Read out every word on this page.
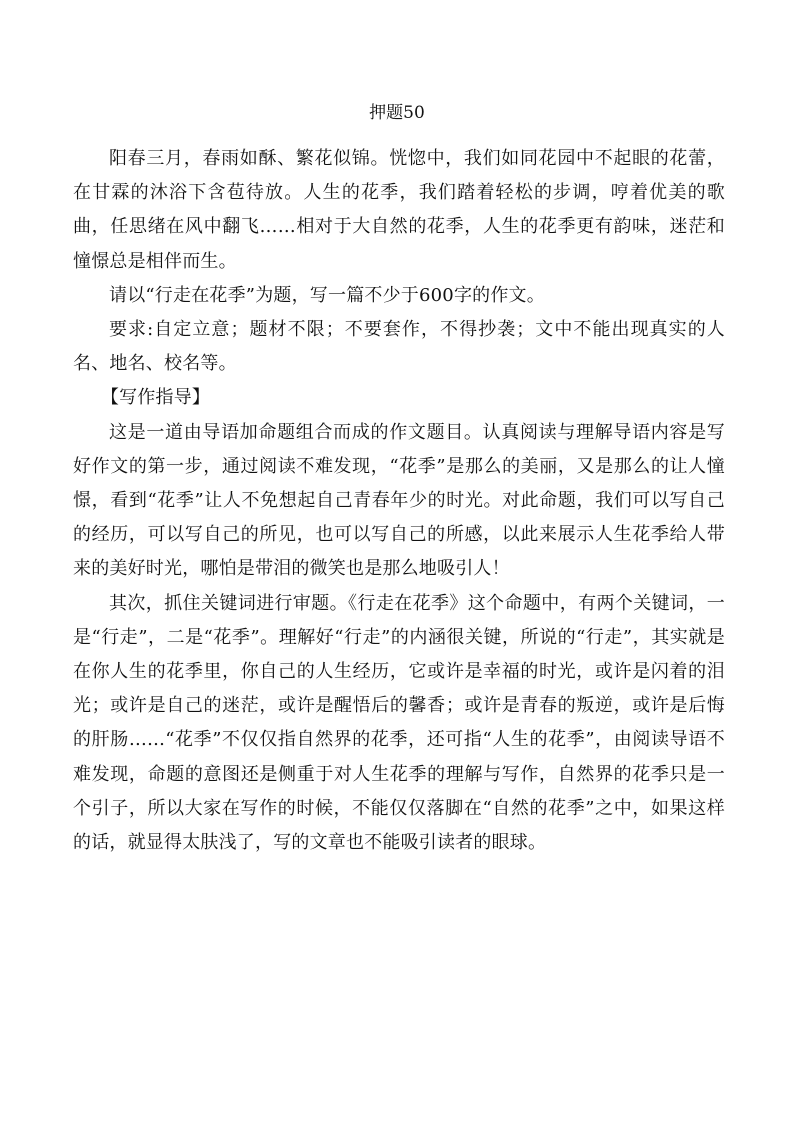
押题50

阳春三月，春雨如酥、繁花似锦。恍惚中，我们如同花园中不起眼的花蕾，在甘霖的沐浴下含苞待放。人生的花季，我们踏着轻松的步调，哼着优美的歌曲，任思绪在风中翻飞……相对于大自然的花季，人生的花季更有韵味，迷茫和憧憬总是相伴而生。

请以“行走在花季”为题，写一篇不少于600字的作文。

要求:自定立意；题材不限；不要套作，不得抄袭；文中不能出现真实的人名、地名、校名等。

【写作指导】

这是一道由导语加命题组合而成的作文题目。认真阅读与理解导语内容是写好作文的第一步，通过阅读不难发现，“花季”是那么的美丽，又是那么的让人憧憬，看到“花季”让人不免想起自己青春年少的时光。对此命题，我们可以写自己的经历，可以写自己的所见，也可以写自己的所感，以此来展示人生花季给人带来的美好时光，哪怕是带泪的微笑也是那么地吸引人！

其次，抓住关键词进行审题。《行走在花季》这个命题中，有两个关键词，一是“行走”，二是“花季”。理解好“行走”的内涵很关键，所说的“行走”，其实就是在你人生的花季里，你自己的人生经历，它或许是幸福的时光，或许是闪着的泪光；或许是自己的迷茫，或许是醒悟后的馨香；或许是青春的叛逆，或许是后悔的肝肠……“花季”不仅仅指自然界的花季，还可指“人生的花季”，由阅读导语不难发现，命题的意图还是侧重于对人生花季的理解与写作，自然界的花季只是一个引子，所以大家在写作的时候，不能仅仅落脚在“自然的花季”之中，如果这样的话，就显得太肤浅了，写的文章也不能吸引读者的眼球。
